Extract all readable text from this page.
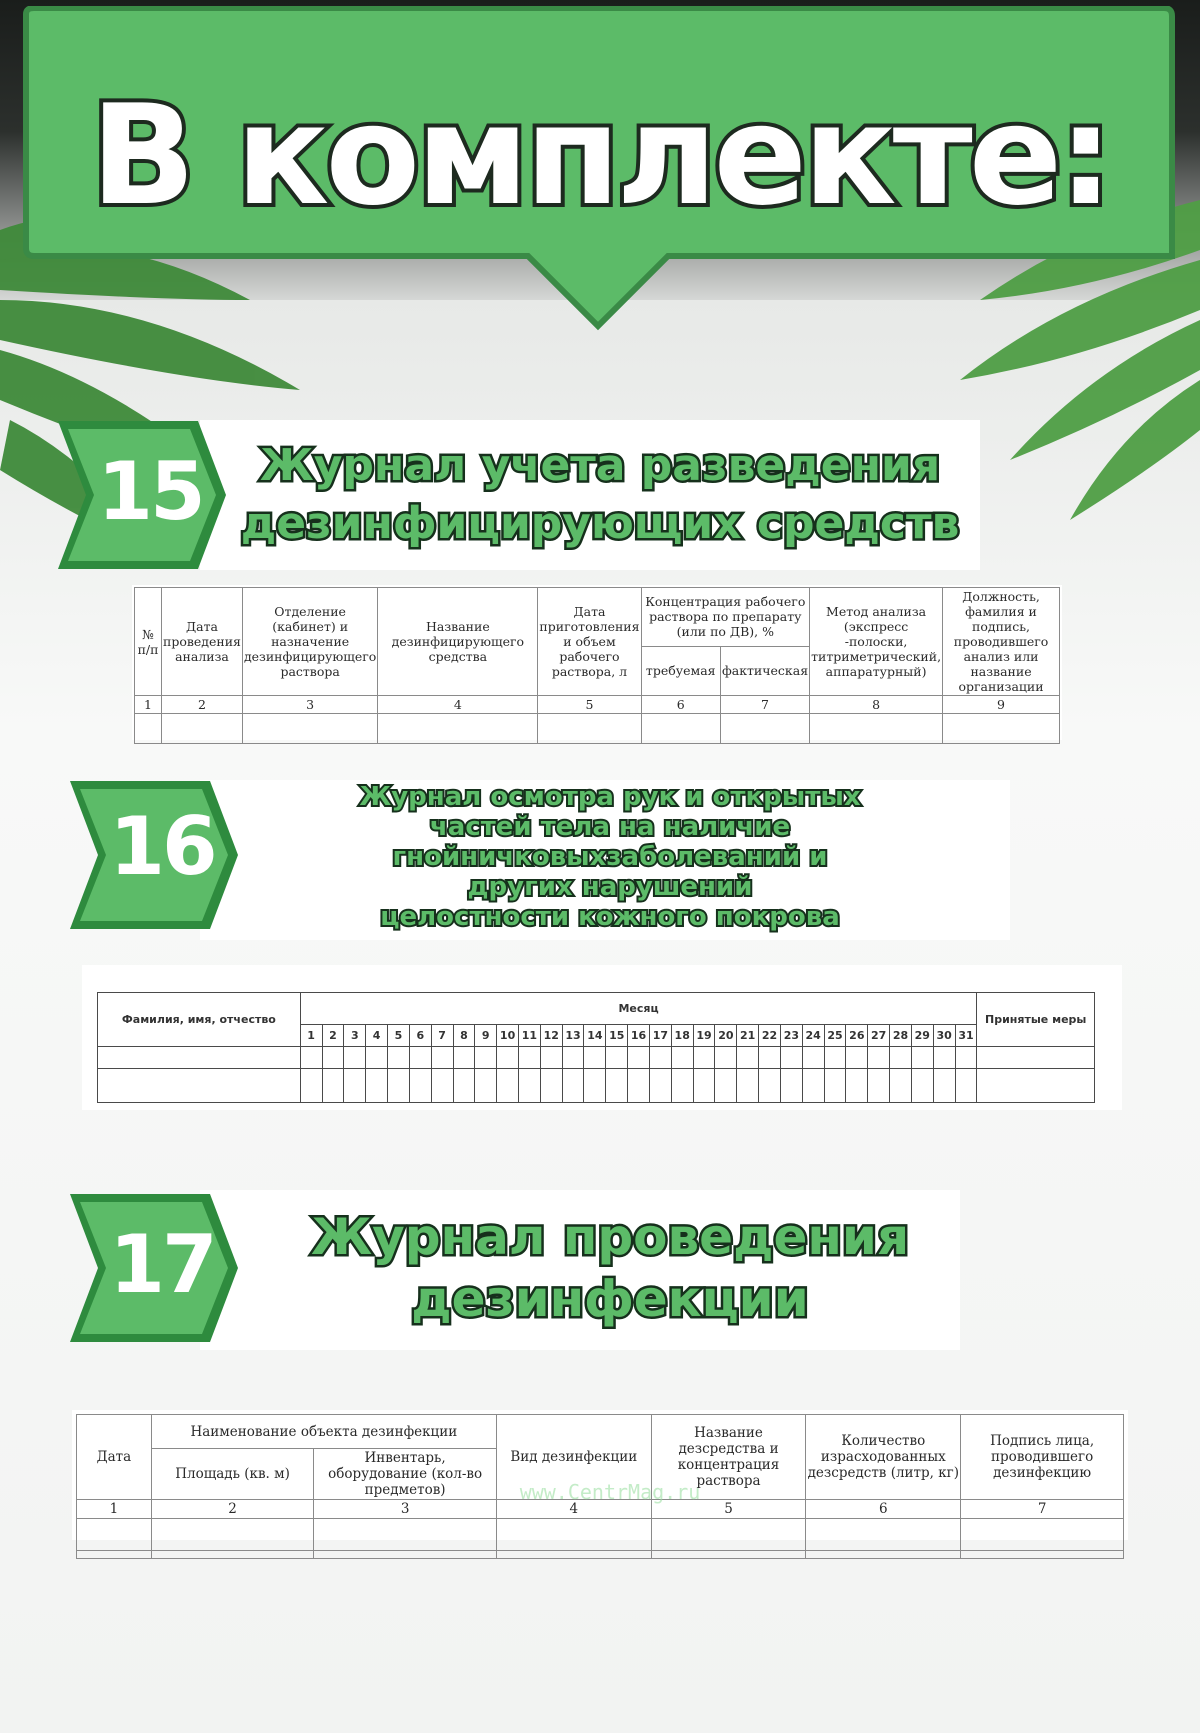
В комплекте:
15	Журнал учета разведения
дезинфицирующих средств
№ п/п	Дата проведения анализа	Отделение (кабинет) и назначение дезинфицирующего раствора	Название дезинфицирующего средства	Дата приготовления и объем рабочего раствора, л	Концентрация рабочего раствора по препарату (или по ДВ), %		Метод анализа (экспресс -полоски, титриметрический, аппаратурный)	Должность, фамилия и подпись, проводившего анализ или название организации
					требуемая	фактическая		
1	2	3	4	5	6	7	8	9

16
Журнал осмотра рук и открытых
частей тела на наличие
гнойничковыхзаболеваний и
других нарушений
целостности кожного покрова
Фамилия, имя, отчество	Месяц																															Принятые меры
	1	2	3	4	5	6	7	8	9	10	11	12	13	14	15	16	17	18	19	20	21	22	23	24	25	26	27	28	29	30	31	

17	Журнал проведения
дезинфекции
Дата	Наименование объекта дезинфекции		Вид дезинфекции	Название дезсредства и концентрация раствора	Количество израсходованных дезсредств (литр, кг)	Подпись лица, проводившего дезинфекцию
	Площадь (кв. м)	Инвентарь, оборудование (кол-во предметов)				
1	2	3	4	5	6	7

www.CentrMag.ru
